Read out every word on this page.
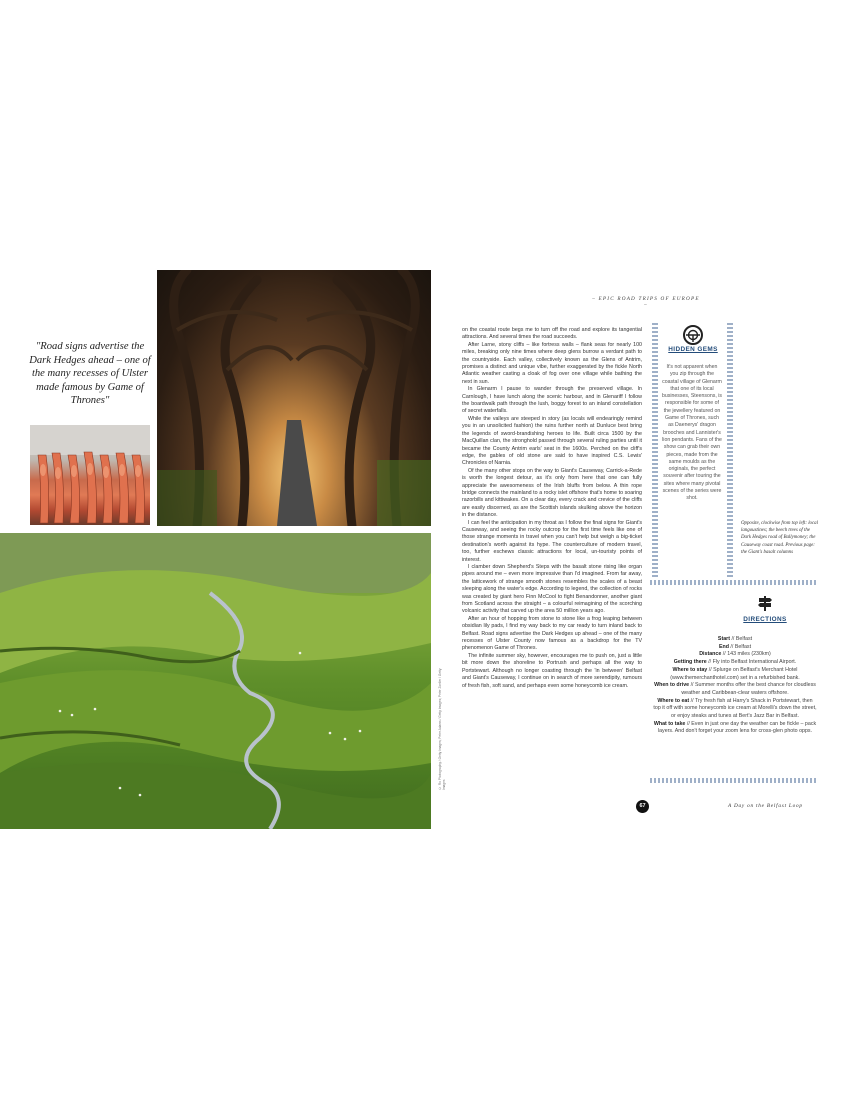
"Road signs advertise the Dark Hedges ahead – one of the many recesses of Ulster made famous by Game of Thrones"
© Ro Photography / Getty Images; Peter Adams / Getty Images; Peter Zoeller / Getty Images
– EPIC ROAD TRIPS OF EUROPE –

on the coastal route begs me to turn off the road and explore its tangential attractions. And several times the road succeeds.

After Larne, stony cliffs – like fortress walls – flank seas for nearly 100 miles, breaking only nine times where deep glens burrow a verdant path to the countryside. Each valley, collectively known as the Glens of Antrim, promises a distinct and unique vibe, further exaggerated by the fickle North Atlantic weather casting a cloak of fog over one village while bathing the next in sun.

In Glenarm I pause to wander through the preserved village. In Carnlough, I have lunch along the scenic harbour, and in Glenariff I follow the boardwalk path through the lush, boggy forest to an inland constellation of secret waterfalls.

While the valleys are steeped in story (as locals will endearingly remind you in an unsolicited fashion) the ruins further north at Dunluce best bring the legends of sword-brandishing heroes to life. Built circa 1500 by the MacQuillan clan, the stronghold passed through several ruling parties until it became the County Antrim earls' seat in the 1600s. Perched on the cliff's edge, the gables of old stone are said to have inspired C.S. Lewis' Chronicles of Narnia.

Of the many other stops on the way to Giant's Causeway, Carrick-a-Rede is worth the longest detour, as it's only from here that one can fully appreciate the awesomeness of the Irish bluffs from below. A thin rope bridge connects the mainland to a rocky islet offshore that's home to soaring razorbills and kittiwakes. On a clear day, every crack and crevice of the cliffs are easily discerned, as are the Scottish islands skulking above the horizon in the distance.

I can feel the anticipation in my throat as I follow the final signs for Giant's Causeway, and seeing the rocky outcrop for the first time feels like one of those strange moments in travel when you can't help but weigh a big-ticket destination's worth against its hype. The counterculture of modern travel, too, further eschews classic attractions for local, un-touristy points of interest.

I clamber down Shepherd's Steps with the basalt stone rising like organ pipes around me – even more impressive than I'd imagined. From far away, the latticework of strange smooth stones resembles the scales of a beast sleeping along the water's edge. According to legend, the collection of rocks was created by giant hero Finn McCool to fight Benandonner, another giant from Scotland across the straight – a colourful reimagining of the scorching volcanic activity that carved up the area 50 million years ago.

After an hour of hopping from stone to stone like a frog leaping between obsidian lily pads, I find my way back to my car ready to turn inland back to Belfast. Road signs advertise the Dark Hedges up ahead – one of the many recesses of Ulster County now famous as a backdrop for the TV phenomenon Game of Thrones.

The infinite summer sky, however, encourages me to push on, just a little bit more down the shoreline to Portrush and perhaps all the way to Portstewart. Although no longer coasting through the 'in between' Belfast and Giant's Causeway, I continue on in search of more serendipity, rumours of fresh fish, soft sand, and perhaps even some honeycomb ice cream.

HIDDEN GEMS
It's not apparent when you zip through the coastal village of Glenarm that one of its local businesses, Steensons, is responsible for some of the jewellery featured on Game of Thrones, such as Daenerys' dragon brooches and Lannister's lion pendants. Fans of the show can grab their own pieces, made from the same moulds as the originals, the perfect souvenir after touring the sites where many pivotal scenes of the series were shot.
Opposite, clockwise from top left: local langoustines; the beech trees of the Dark Hedges road of Ballymoney; the Causeway coast road. Previous page: the Giant's basalt columns
DIRECTIONS
Start // Belfast
End // Belfast
Distance // 143 miles (230km)
Getting there // Fly into Belfast International Airport.
Where to stay // Splurge on Belfast's Merchant Hotel (www.themerchanthotel.com) set in a refurbished bank.
When to drive // Summer months offer the best chance for cloudless weather and Caribbean-clear waters offshore.
Where to eat // Try fresh fish at Harry's Shack in Portstewart, then top it off with some honeycomb ice cream at Morelli's down the street, or enjoy steaks and tunes at Bert's Jazz Bar in Belfast.
What to take // Even in just one day the weather can be fickle – pack layers. And don't forget your zoom lens for cross-glen photo opps.
67	A Day on the Belfast Loop
